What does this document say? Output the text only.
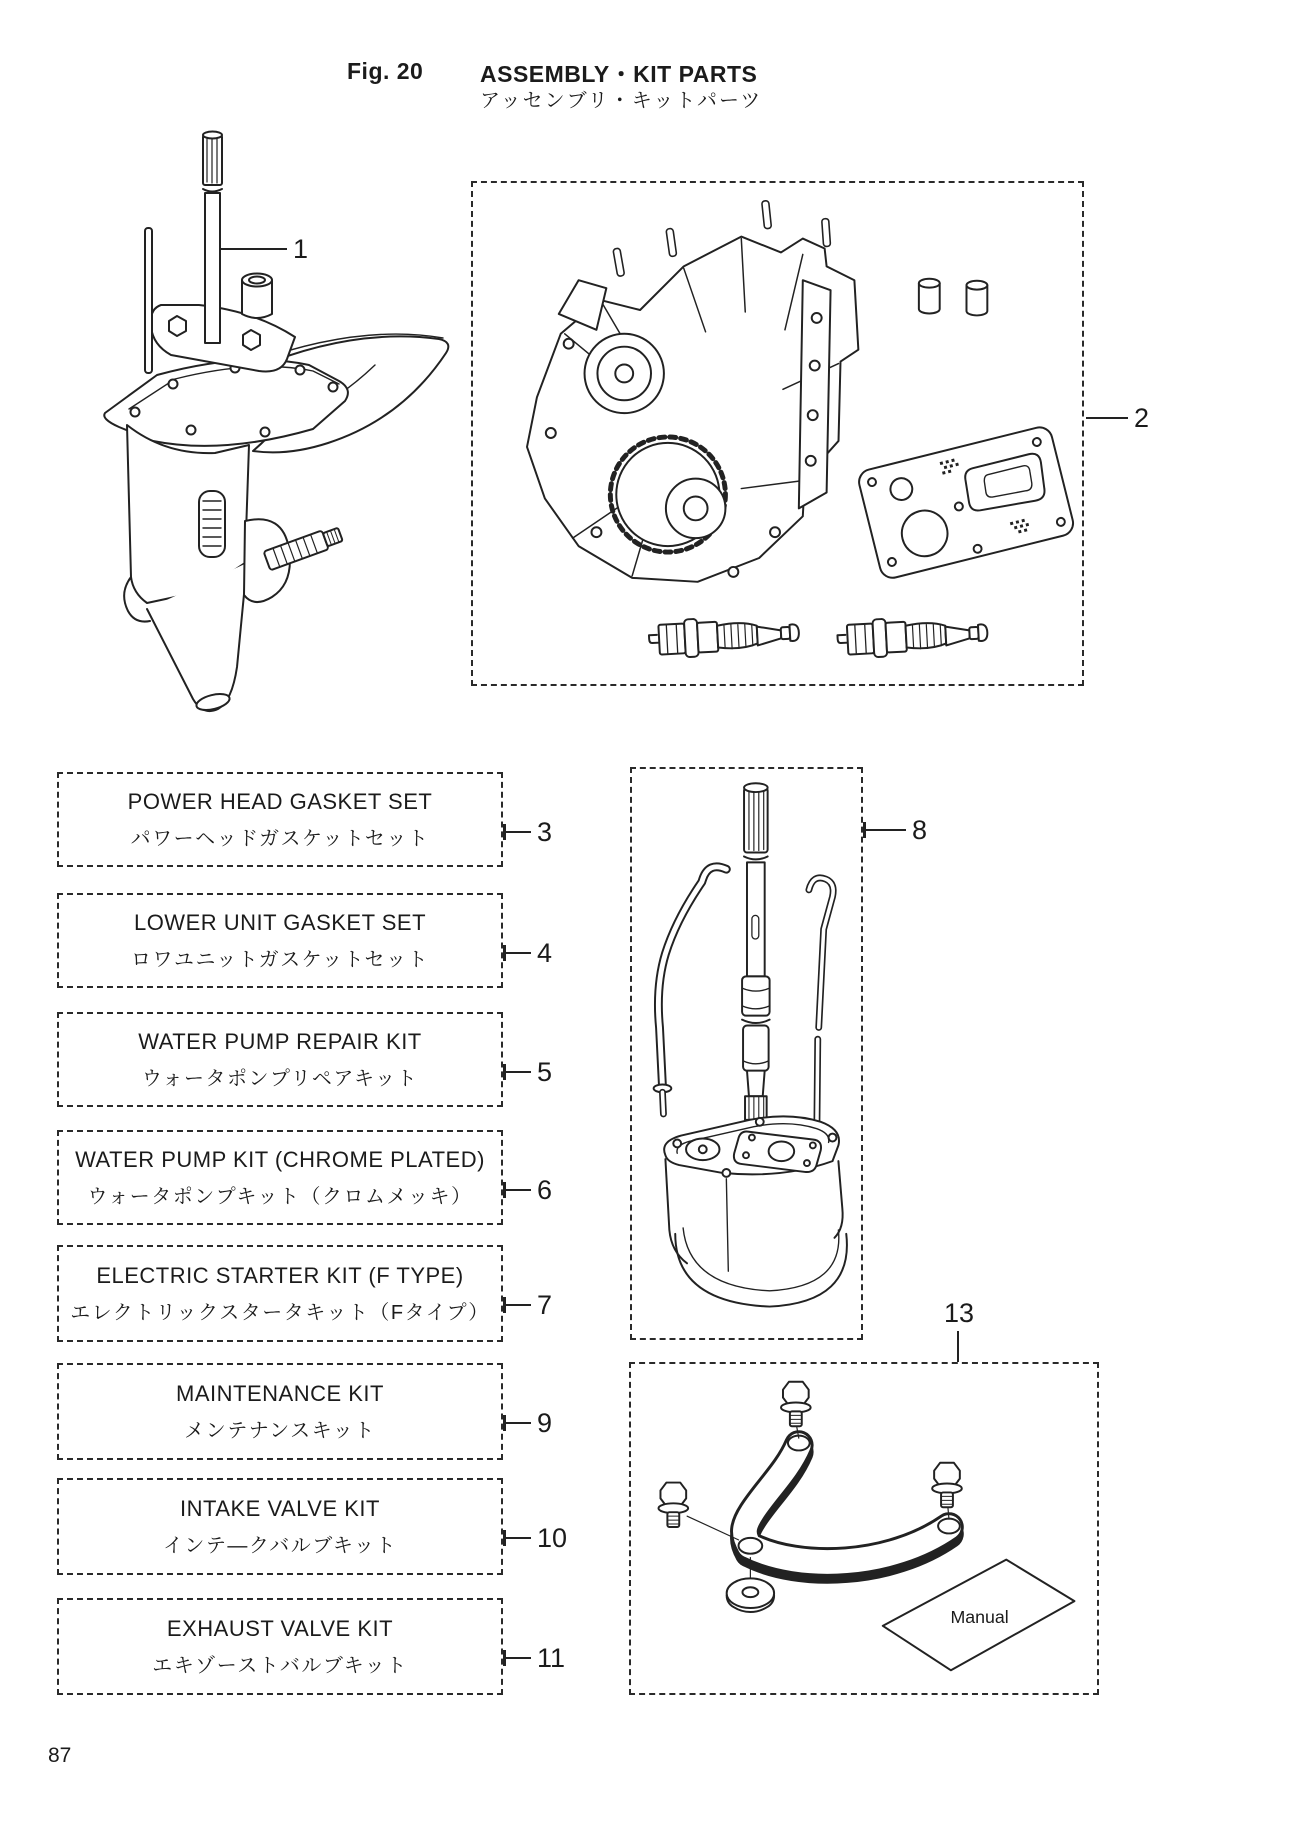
Fig. 20 ASSEMBLY・KIT PARTS
アッセンブリ・キットパーツ
1
2
POWER HEAD GASKET SET
パワーヘッドガスケットセット	3
LOWER UNIT GASKET SET
ロワユニットガスケットセット	4
WATER PUMP REPAIR KIT
ウォータポンプリペアキット	5
WATER PUMP KIT (CHROME PLATED)
ウォータポンプキット（クロムメッキ） 6
ELECTRIC STARTER KIT (F TYPE)
エレクトリックスタータキット（Fタイプ） 7
MAINTENANCE KIT
メンテナンスキット	9
INTAKE VALVE KIT
インテ―クバルブキット	10
EXHAUST VALVE KIT
エキゾーストバルブキット	11
8
13
Manual
87
